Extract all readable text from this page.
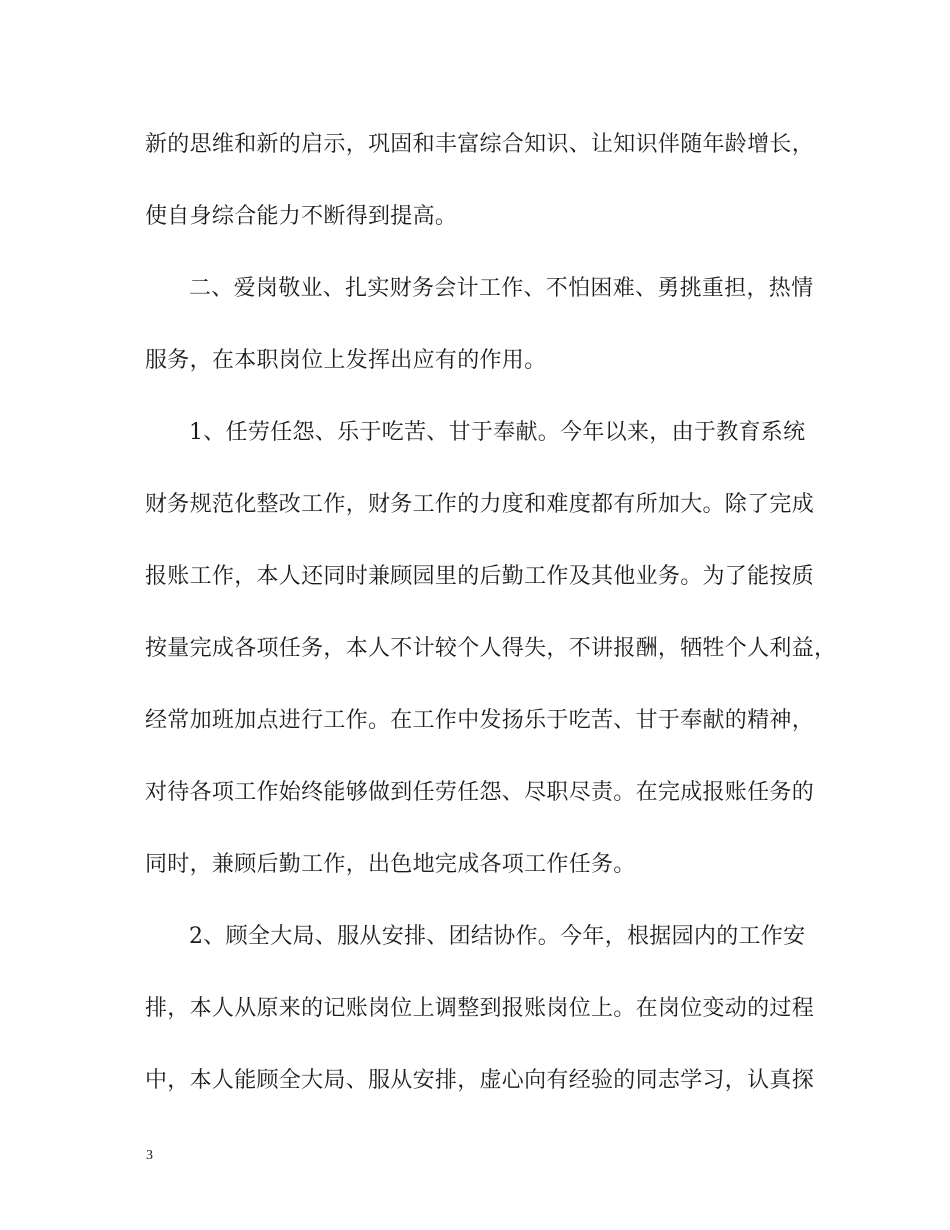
新的思维和新的启示，巩固和丰富综合知识、让知识伴随年龄增长，
使自身综合能力不断得到提高。
二、爱岗敬业、扎实财务会计工作、不怕困难、勇挑重担，热情
服务，在本职岗位上发挥出应有的作用。
1、任劳任怨、乐于吃苦、甘于奉献。今年以来，由于教育系统
财务规范化整改工作，财务工作的力度和难度都有所加大。除了完成
报账工作，本人还同时兼顾园里的后勤工作及其他业务。为了能按质
按量完成各项任务，本人不计较个人得失，不讲报酬，牺牲个人利益，
经常加班加点进行工作。在工作中发扬乐于吃苦、甘于奉献的精神，
对待各项工作始终能够做到任劳任怨、尽职尽责。在完成报账任务的
同时，兼顾后勤工作，出色地完成各项工作任务。
2、顾全大局、服从安排、团结协作。今年，根据园内的工作安
排，本人从原来的记账岗位上调整到报账岗位上。在岗位变动的过程
中，本人能顾全大局、服从安排，虚心向有经验的同志学习，认真探
3
